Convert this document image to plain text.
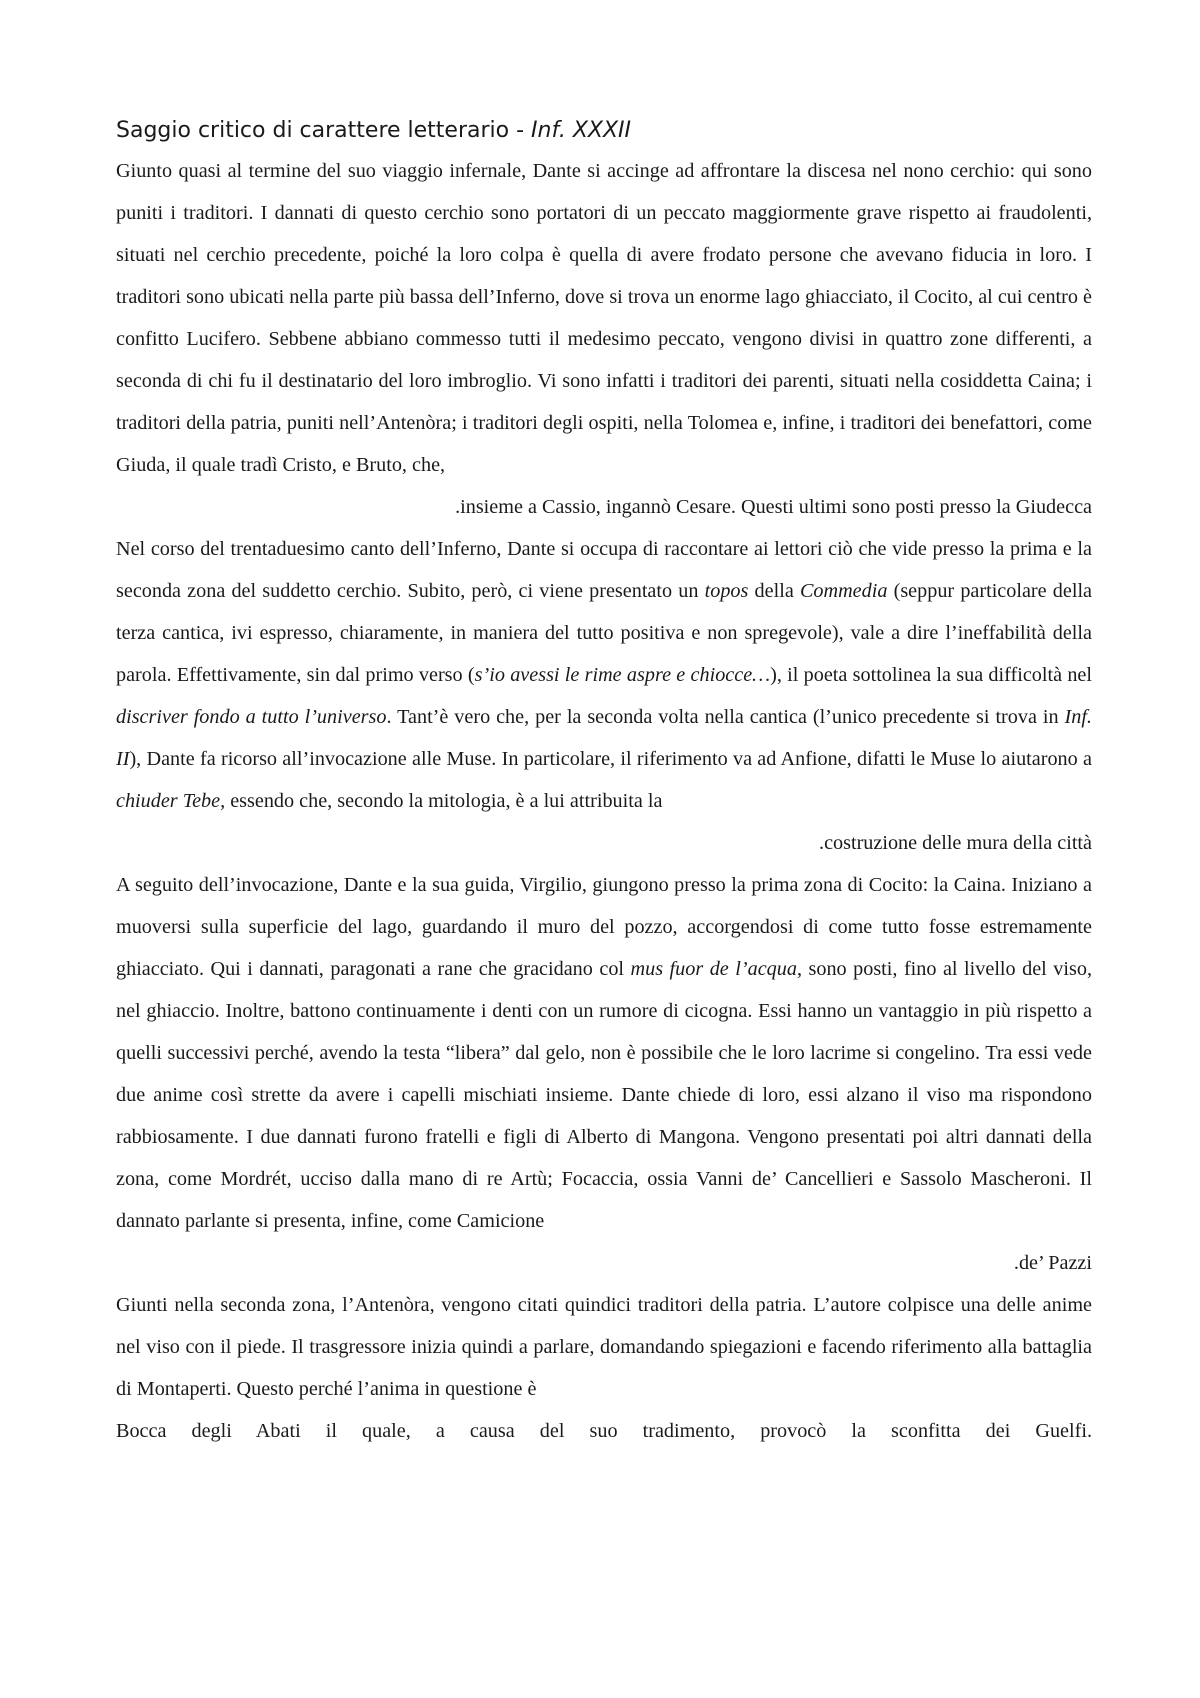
Saggio critico di carattere letterario - Inf. XXXII

Giunto quasi al termine del suo viaggio infernale, Dante si accinge ad affrontare la discesa nel nono cerchio: qui sono puniti i traditori. I dannati di questo cerchio sono portatori di un peccato maggiormente grave rispetto ai fraudolenti, situati nel cerchio precedente, poiché la loro colpa è quella di avere frodato persone che avevano fiducia in loro. I traditori sono ubicati nella parte più bassa dell’Inferno, dove si trova un enorme lago ghiacciato, il Cocito, al cui centro è confitto Lucifero. Sebbene abbiano commesso tutti il medesimo peccato, vengono divisi in quattro zone differenti, a seconda di chi fu il destinatario del loro imbroglio. Vi sono infatti i traditori dei parenti, situati nella cosiddetta Caina; i traditori della patria, puniti nell’Antenòra; i traditori degli ospiti, nella Tolomea e, infine, i traditori dei benefattori, come Giuda, il quale tradì Cristo, e Bruto, che,
.insieme a Cassio, ingannò Cesare. Questi ultimi sono posti presso la Giudecca

Nel corso del trentaduesimo canto dell’Inferno, Dante si occupa di raccontare ai lettori ciò che vide presso la prima e la seconda zona del suddetto cerchio. Subito, però, ci viene presentato un topos della Commedia (seppur particolare della terza cantica, ivi espresso, chiaramente, in maniera del tutto positiva e non spregevole), vale a dire l’ineffabilità della parola. Effettivamente, sin dal primo verso (s’io avessi le rime aspre e chiocce…), il poeta sottolinea la sua difficoltà nel discriver fondo a tutto l’universo. Tant’è vero che, per la seconda volta nella cantica (l’unico precedente si trova in Inf. II), Dante fa ricorso all’invocazione alle Muse. In particolare, il riferimento va ad Anfione, difatti le Muse lo aiutarono a chiuder Tebe, essendo che, secondo la mitologia, è a lui attribuita la
.costruzione delle mura della città

A seguito dell’invocazione, Dante e la sua guida, Virgilio, giungono presso la prima zona di Cocito: la Caina. Iniziano a muoversi sulla superficie del lago, guardando il muro del pozzo, accorgendosi di come tutto fosse estremamente ghiacciato. Qui i dannati, paragonati a rane che gracidano col mus fuor de l’acqua, sono posti, fino al livello del viso, nel ghiaccio. Inoltre, battono continuamente i denti con un rumore di cicogna. Essi hanno un vantaggio in più rispetto a quelli successivi perché, avendo la testa “libera” dal gelo, non è possibile che le loro lacrime si congelino. Tra essi vede due anime così strette da avere i capelli mischiati insieme. Dante chiede di loro, essi alzano il viso ma rispondono rabbiosamente. I due dannati furono fratelli e figli di Alberto di Mangona. Vengono presentati poi altri dannati della zona, come Mordrét, ucciso dalla mano di re Artù; Focaccia, ossia Vanni de’ Cancellieri e Sassolo Mascheroni. Il dannato parlante si presenta, infine, come Camicione
.de’ Pazzi

Giunti nella seconda zona, l’Antenòra, vengono citati quindici traditori della patria. L’autore colpisce una delle anime nel viso con il piede. Il trasgressore inizia quindi a parlare, domandando spiegazioni e facendo riferimento alla battaglia di Montaperti. Questo perché l’anima in questione è
Bocca degli Abati il quale, a causa del suo tradimento, provocò la sconfitta dei Guelfi.
